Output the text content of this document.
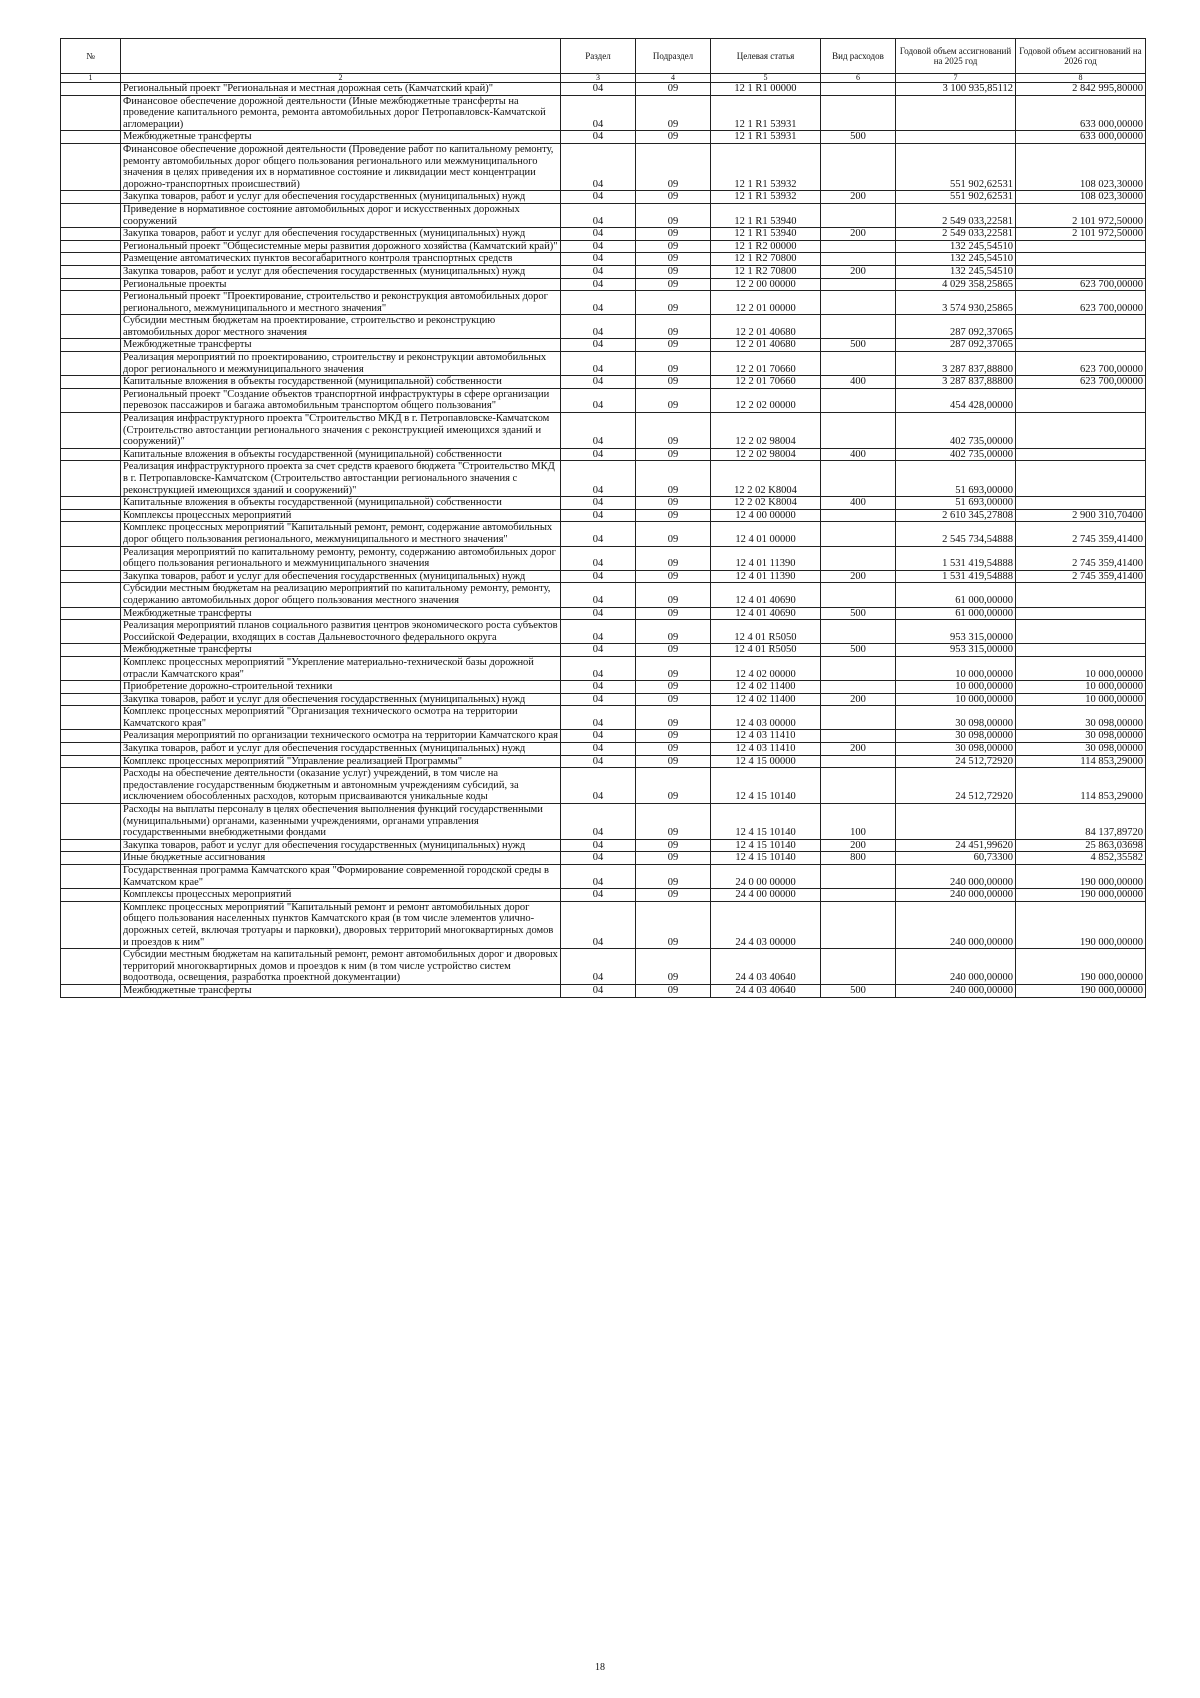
№		Раздел	Подраздел	Целевая статья	Вид расходов	Годовой объем ассигнований на 2025 год	Годовой объем ассигнований на 2026 год
1	2	3	4	5	6	7	8
	Региональный проект "Региональная и местная дорожная сеть (Камчатский край)"	04	09	12 1 R1 00000		3 100 935,85112	2 842 995,80000
	Финансовое обеспечение дорожной деятельности (Иные межбюджетные трансферты на проведение капитального ремонта, ремонта автомобильных дорог Петропавловск-Камчатской агломерации)	04	09	12 1 R1 53931			633 000,00000
	Межбюджетные трансферты	04	09	12 1 R1 53931	500		633 000,00000
	Финансовое обеспечение дорожной деятельности (Проведение работ по капитальному ремонту, ремонту автомобильных дорог общего пользования регионального или межмуниципального значения в целях приведения их в нормативное состояние и ликвидации мест концентрации дорожно-транспортных происшествий)	04	09	12 1 R1 53932		551 902,62531	108 023,30000
	Закупка товаров, работ и услуг для обеспечения государственных (муниципальных) нужд	04	09	12 1 R1 53932	200	551 902,62531	108 023,30000
	Приведение в нормативное состояние автомобильных дорог и искусственных дорожных сооружений	04	09	12 1 R1 53940		2 549 033,22581	2 101 972,50000
	Закупка товаров, работ и услуг для обеспечения государственных (муниципальных) нужд	04	09	12 1 R1 53940	200	2 549 033,22581	2 101 972,50000
	Региональный проект "Общесистемные меры развития дорожного хозяйства (Камчатский край)"	04	09	12 1 R2 00000		132 245,54510	
	Размещение автоматических пунктов весогабаритного контроля транспортных средств	04	09	12 1 R2 70800		132 245,54510	
	Закупка товаров, работ и услуг для обеспечения государственных (муниципальных) нужд	04	09	12 1 R2 70800	200	132 245,54510	
	Региональные проекты	04	09	12 2 00 00000		4 029 358,25865	623 700,00000
	Региональный проект "Проектирование, строительство и реконструкция автомобильных дорог регионального, межмуниципального и местного значения"	04	09	12 2 01 00000		3 574 930,25865	623 700,00000
	Субсидии местным бюджетам на проектирование, строительство и реконструкцию автомобильных дорог местного значения	04	09	12 2 01 40680		287 092,37065	
	Межбюджетные трансферты	04	09	12 2 01 40680	500	287 092,37065	
	Реализация мероприятий по проектированию, строительству и реконструкции автомобильных дорог регионального и межмуниципального значения	04	09	12 2 01 70660		3 287 837,88800	623 700,00000
	Капитальные вложения в объекты государственной (муниципальной) собственности	04	09	12 2 01 70660	400	3 287 837,88800	623 700,00000
	Региональный проект "Создание объектов транспортной инфраструктуры в сфере организации перевозок пассажиров и багажа автомобильным транспортом общего пользования"	04	09	12 2 02 00000		454 428,00000	
	Реализация инфраструктурного проекта "Строительство МКД в г. Петропавловске-Камчатском (Строительство автостанции регионального значения с реконструкцией имеющихся зданий и сооружений)"	04	09	12 2 02 98004		402 735,00000	
	Капитальные вложения в объекты государственной (муниципальной) собственности	04	09	12 2 02 98004	400	402 735,00000	
	Реализация инфраструктурного проекта за счет средств краевого бюджета "Строительство МКД в г. Петропавловске-Камчатском (Строительство автостанции регионального значения с реконструкцией имеющихся зданий и сооружений)"	04	09	12 2 02 K8004		51 693,00000	
	Капитальные вложения в объекты государственной (муниципальной) собственности	04	09	12 2 02 K8004	400	51 693,00000	
	Комплексы процессных мероприятий	04	09	12 4 00 00000		2 610 345,27808	2 900 310,70400
	Комплекс процессных мероприятий "Капитальный ремонт, ремонт, содержание автомобильных дорог общего пользования регионального, межмуниципального и местного значения"	04	09	12 4 01 00000		2 545 734,54888	2 745 359,41400
	Реализация мероприятий по капитальному ремонту, ремонту, содержанию автомобильных дорог общего пользования регионального и межмуниципального значения	04	09	12 4 01 11390		1 531 419,54888	2 745 359,41400
	Закупка товаров, работ и услуг для обеспечения государственных (муниципальных) нужд	04	09	12 4 01 11390	200	1 531 419,54888	2 745 359,41400
	Субсидии местным бюджетам на реализацию мероприятий по капитальному ремонту, ремонту, содержанию автомобильных дорог общего пользования местного значения	04	09	12 4 01 40690		61 000,00000	
	Межбюджетные трансферты	04	09	12 4 01 40690	500	61 000,00000	
	Реализация мероприятий планов социального развития центров экономического роста субъектов Российской Федерации, входящих в состав Дальневосточного федерального округа	04	09	12 4 01 R5050		953 315,00000	
	Межбюджетные трансферты	04	09	12 4 01 R5050	500	953 315,00000	
	Комплекс процессных мероприятий "Укрепление материально-технической базы дорожной отрасли Камчатского края"	04	09	12 4 02 00000		10 000,00000	10 000,00000
	Приобретение дорожно-строительной техники	04	09	12 4 02 11400		10 000,00000	10 000,00000
	Закупка товаров, работ и услуг для обеспечения государственных (муниципальных) нужд	04	09	12 4 02 11400	200	10 000,00000	10 000,00000
	Комплекс процессных мероприятий "Организация технического осмотра на территории Камчатского края"	04	09	12 4 03 00000		30 098,00000	30 098,00000
	Реализация мероприятий по организации технического осмотра на территории Камчатского края	04	09	12 4 03 11410		30 098,00000	30 098,00000
	Закупка товаров, работ и услуг для обеспечения государственных (муниципальных) нужд	04	09	12 4 03 11410	200	30 098,00000	30 098,00000
	Комплекс процессных мероприятий "Управление реализацией Программы"	04	09	12 4 15 00000		24 512,72920	114 853,29000
	Расходы на обеспечение деятельности (оказание услуг) учреждений, в том числе на предоставление государственным бюджетным и автономным учреждениям субсидий, за исключением обособленных расходов, которым присваиваются уникальные коды	04	09	12 4 15 10140		24 512,72920	114 853,29000
	Расходы на выплаты персоналу в целях обеспечения выполнения функций государственными (муниципальными) органами, казенными учреждениями, органами управления государственными внебюджетными фондами	04	09	12 4 15 10140	100		84 137,89720
	Закупка товаров, работ и услуг для обеспечения государственных (муниципальных) нужд	04	09	12 4 15 10140	200	24 451,99620	25 863,03698
	Иные бюджетные ассигнования	04	09	12 4 15 10140	800	60,73300	4 852,35582
	Государственная программа Камчатского края "Формирование современной городской среды в Камчатском крае"	04	09	24 0 00 00000		240 000,00000	190 000,00000
	Комплексы процессных мероприятий	04	09	24 4 00 00000		240 000,00000	190 000,00000
	Комплекс процессных мероприятий "Капитальный ремонт и ремонт автомобильных дорог общего пользования населенных пунктов Камчатского края (в том числе элементов улично-дорожных сетей, включая тротуары и парковки), дворовых территорий многоквартирных домов и проездов к ним"	04	09	24 4 03 00000		240 000,00000	190 000,00000
	Субсидии местным бюджетам на капитальный ремонт, ремонт автомобильных дорог и дворовых территорий многоквартирных домов и проездов к ним (в том числе устройство систем водоотвода, освещения, разработка проектной документации)	04	09	24 4 03 40640		240 000,00000	190 000,00000
	Межбюджетные трансферты	04	09	24 4 03 40640	500	240 000,00000	190 000,00000
18
